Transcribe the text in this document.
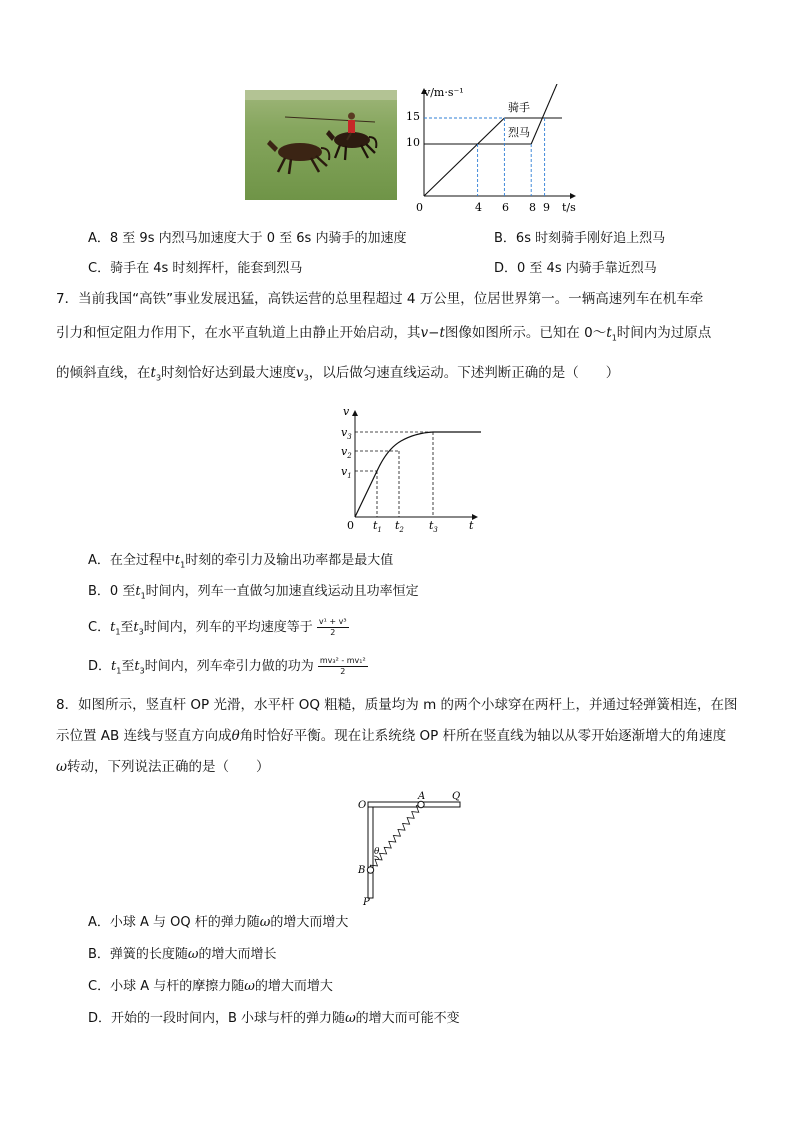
v/m·s⁻¹
t/s
0
15
10
4 6 8 9
骑手
烈马
A．8 至 9s 内烈马加速度大于 0 至 6s 内骑手的加速度	B．6s 时刻骑手刚好追上烈马
C．骑手在 4s 时刻挥杆，能套到烈马	D．0 至 4s 内骑手靠近烈马
7．当前我国“高铁”事业发展迅猛，高铁运营的总里程超过 4 万公里，位居世界第一。一辆高速列车在机车牵
引力和恒定阻力作用下，在水平直轨道上由静止开始启动，其v−t图像如图所示。已知在 $0\sim t_1$时间内为过原点
的倾斜直线，在$t_3$时刻恰好达到最大速度$v_3$，以后做匀速直线运动。下述判断正确的是（　　）
v
t
0
$v_3$
$v_2$
$v_1$
$t_1$ $t_2$ $t_3$
A．在全过程中$t_1$时刻的牵引力及输出功率都是最大值
B．0 至$t_1$时间内，列车一直做匀加速直线运动且功率恒定
C．$t_1$至$t_3$时间内，列车的平均速度等于 $\frac{\text{v¹ + v³}}{2}$
D．$t_1$至$t_3$时间内，列车牵引力做的功为 $\frac{\text{mv₃² - mv₁²}}{2}$
8．如图所示，竖直杆 OP 光滑，水平杆 OQ 粗糙，质量均为 m 的两个小球穿在两杆上，并通过轻弹簧相连，在图
示位置 AB 连线与竖直方向成θ角时恰好平衡。现在让系统绕 OP 杆所在竖直线为轴以从零开始逐渐增大的角速度
ω转动，下列说法正确的是（　　）
O
A	Q
B
P
θ
A．小球 A 与 OQ 杆的弹力随ω的增大而增大
B．弹簧的长度随ω的增大而增长
C．小球 A 与杆的摩擦力随ω的增大而增大
D．开始的一段时间内，B 小球与杆的弹力随ω的增大而可能不变
